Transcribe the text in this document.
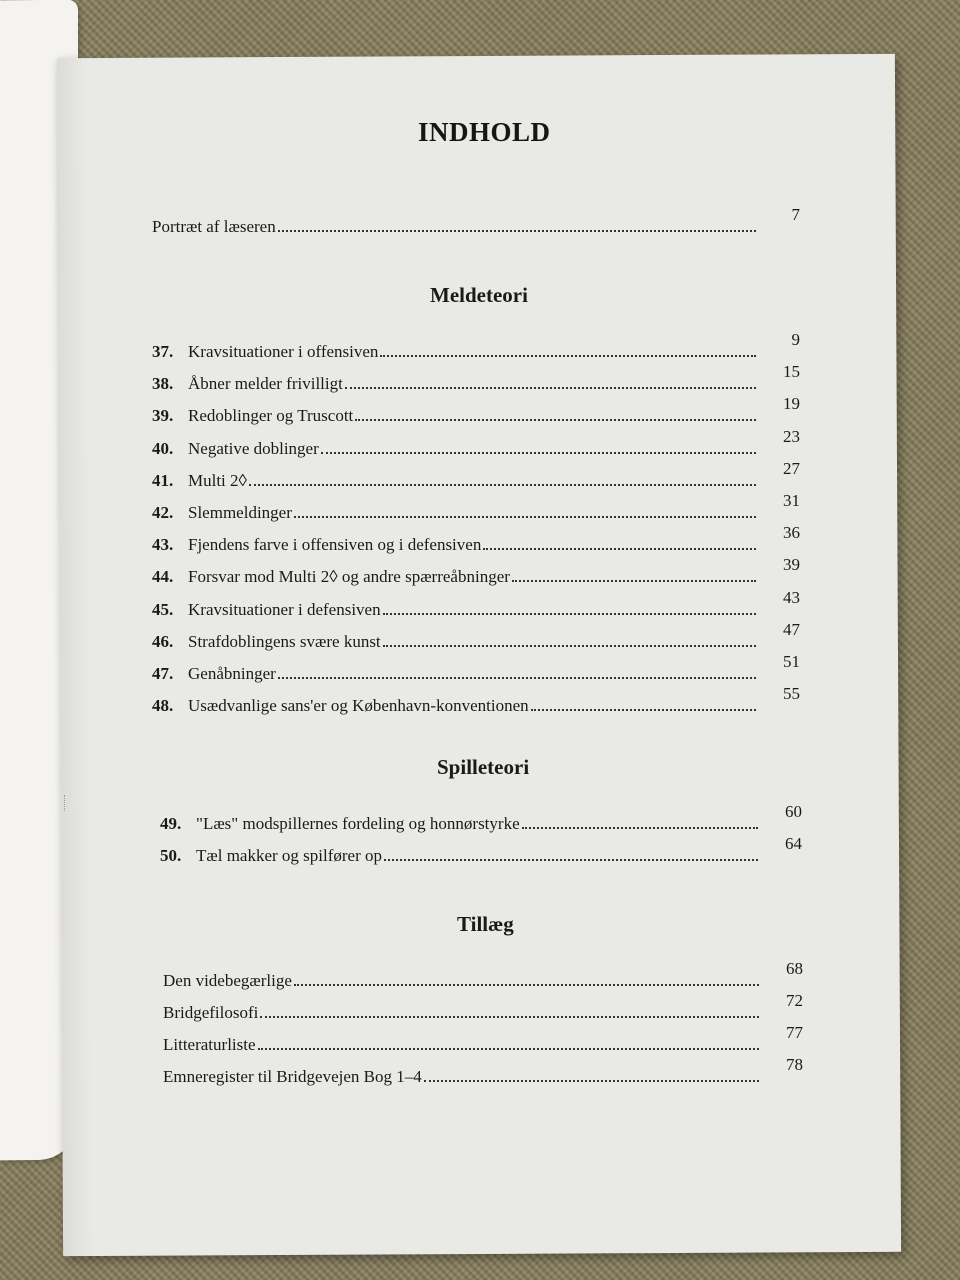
INDHOLD
Portræt af læseren
7
Meldeteori
37. Kravsituationer i offensiven
9
38. Åbner melder frivilligt
15
39. Redoblinger og Truscott
19
40. Negative doblinger
23
41. Multi 2◊
27
42. Slemmeldinger
31
43. Fjendens farve i offensiven og i defensiven
36
44. Forsvar mod Multi 2◊ og andre spærreåbninger
39
45. Kravsituationer i defensiven
43
46. Strafdoblingens svære kunst
47
47. Genåbninger
51
48. Usædvanlige sans'er og København-konventionen
55
Spilleteori
49. "Læs" modspillernes fordeling og honnørstyrke
60
50. Tæl makker og spilfører op
64
Tillæg
Den videbegærlige
68
Bridgefilosofi
72
Litteraturliste
77
Emneregister til Bridgevejen Bog 1–4
78
